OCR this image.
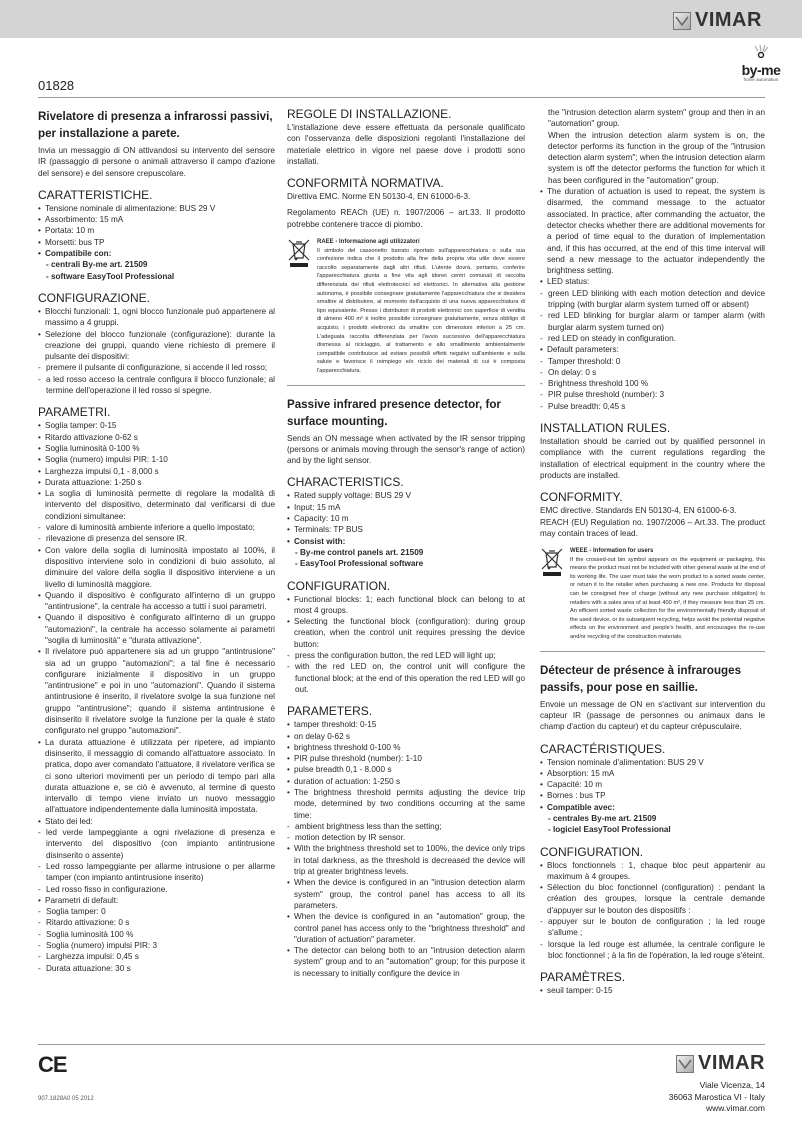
VIMAR
by-me
home automation
01828
Rivelatore di presenza a infrarossi passivi, per installazione a parete.
Invia un messaggio di ON attivandosi su intervento del sensore IR (passaggio di persone o animali attraverso il campo d'azione del sensore) e del sensore crepuscolare.
CARATTERISTICHE.
• Tensione nominale di alimentazione: BUS 29 V
• Assorbimento: 15 mA
• Portata: 10 m
• Morsetti: bus TP
• Compatibile con:
- centrali By-me art. 21509
- software EasyTool Professional
CONFIGURAZIONE.
• Blocchi funzionali: 1, ogni blocco funzionale può appartenere al massimo a 4 gruppi.
• Selezione del blocco funzionale (configurazione): durante la creazione dei gruppi, quando viene richiesto di premere il pulsante dei dispositivi:
- premere il pulsante di configurazione, si accende il led rosso;
- a led rosso acceso la centrale configura il blocco funzionale; al termine dell'operazione il led rosso si spegne.
PARAMETRI.
• Soglia tamper: 0-15
• Ritardo attivazione 0-62 s
• Soglia luminosità 0-100 %
• Soglia (numero) impulsi PIR: 1-10
• Larghezza impulsi 0,1 - 8,000 s
• Durata attuazione: 1-250 s
• La soglia di luminosità permette di regolare la modalità di intervento del dispositivo, determinato dal verificarsi di due condizioni simultanee:
- valore di luminosità ambiente inferiore a quello impostato;
- rilevazione di presenza del sensore IR.
• Con valore della soglia di luminosità impostato al 100%, il dispositivo interviene solo in condizioni di buio assoluto, al diminuire del valore della soglia il dispositivo interviene a un livello di luminosità maggiore.
• Quando il dispositivo è configurato all'interno di un gruppo "antintrusione", la centrale ha accesso a tutti i suoi parametri.
• Quando il dispositivo è configurato all'interno di un gruppo "automazioni", la centrale ha accesso solamente ai parametri "soglia di luminosità" e "durata attivazione".
• Il rivelatore può appartenere sia ad un gruppo "antintrusione" sia ad un gruppo "automazioni"; a tal fine è necessario configurare inizialmente il dispositivo in un gruppo "antintrusione" e poi in uno "automazioni". Quando il sistema antintrusione è inserito, il rivelatore svolge la sua funzione nel gruppo "antintrusione"; quando il sistema antintrusione è disinserito il rivelatore svolge la funzione per la quale è stato configurato nel gruppo "automazioni".
• La durata attuazione è utilizzata per ripetere, ad impianto disinserito, il messaggio di comando all'attuatore associato. In pratica, dopo aver comandato l'attuatore, il rivelatore verifica se ci sono ulteriori movimenti per un periodo di tempo pari alla durata attuazione e, se ciò è avvenuto, al termine di questo intervallo di tempo viene inviato un nuovo messaggio all'attuatore indipendentemente dalla luminosità impostata.
• Stato dei led:
- led verde lampeggiante a ogni rivelazione di presenza e intervento del dispositivo (con impianto antintrusione disinserito o assente)
- Led rosso lampeggiante per allarme intrusione o per allarme tamper (con impianto antintrusione inserito)
- Led rosso fisso in configurazione.
• Parametri di default:
- Soglia tamper: 0
- Ritardo attivazione: 0 s
- Soglia luminosità 100 %
- Soglia (numero) impulsi PIR: 3
- Larghezza impulsi: 0,45 s
- Durata attuazione: 30 s
REGOLE DI INSTALLAZIONE.
L'installazione deve essere effettuata da personale qualificato con l'osservanza delle disposizioni regolanti l'installazione del materiale elettrico in vigore nel paese dove i prodotti sono installati.
CONFORMITÀ NORMATIVA.
Direttiva EMC. Norme EN 50130-4, EN 61000-6-3.
Regolamento REACh (UE) n. 1907/2006 – art.33. Il prodotto potrebbe contenere tracce di piombo.
RAEE - Informazione agli utilizzatori
Il simbolo del cassonetto barrato riportato sull'apparecchiatura o sulla sua confezione indica che il prodotto alla fine della propria vita utile deve essere raccolto separatamente dagli altri rifiuti. L'utente dovrà, pertanto, conferire l'apparecchiatura giunta a fine vita agli idonei centri comunali di raccolta differenziata dei rifiuti elettrotecnici ed elettronici. In alternativa alla gestione autonoma, è possibile consegnare gratuitamente l'apparecchiatura che si desidera smaltire al distributore, al momento dell'acquisto di una nuova apparecchiatura di tipo equivalente. Presso i distributori di prodotti elettronici con superficie di vendita di almeno 400 m² è inoltre possibile consegnare gratuitamente, senza obbligo di acquisto, i prodotti elettronici da smaltire con dimensioni inferiori a 25 cm. L'adeguata raccolta differenziata per l'avvio successivo dell'apparecchiatura dismessa al riciclaggio, al trattamento e allo smaltimento ambientalmente compatibile contribuisce ad evitare possibili effetti negativi sull'ambiente e sulla salute e favorisce il reimpiego e/o riciclo dei materiali di cui è composta l'apparecchiatura.
Passive infrared presence detector, for surface mounting.
Sends an ON message when activated by the IR sensor tripping (persons or animals moving through the sensor's range of action) and by the light sensor.
CHARACTERISTICS.
• Rated supply voltage: BUS 29 V
• Input: 15 mA
• Capacity: 10 m
• Terminals: TP BUS
• Consist with:
- By-me control panels art. 21509
- EasyTool Professional software
CONFIGURATION.
• Functional blocks: 1; each functional block can belong to at most 4 groups.
• Selecting the functional block (configuration): during group creation, when the control unit requires pressing the device button:
- press the configuration button, the red LED will light up;
- with the red LED on, the control unit will configure the functional block; at the end of this operation the red LED will go out.
PARAMETERS.
• tamper threshold: 0-15
• on delay 0-62 s
• brightness threshold 0-100 %
• PIR pulse threshold (number): 1-10
• pulse breadth 0,1 - 8.000 s
• duration of actuation: 1-250 s
• The brightness threshold permits adjusting the device trip mode, determined by two conditions occurring at the same time:
- ambient brightness less than the setting;
- motion detection by IR sensor.
• With the brightness threshold set to 100%, the device only trips in total darkness, as the threshold is decreased the device will trip at greater brightness levels.
• When the device is configured in an "intrusion detection alarm system" group, the control panel has access to all its parameters.
• When the device is configured in an "automation" group, the control panel has access only to the "brightness threshold" and "duration of actuation" parameter.
• The detector can belong both to an "intrusion detection alarm system" group and to an "automation" group; for this purpose it is necessary to initially configure the device in
the "intrusion detection alarm system" group and then in an "automation" group.
When the intrusion detection alarm system is on, the detector performs its function in the group of the "intrusion detection alarm system"; when the intrusion detection alarm system is off the detector performs the function for which it has been configured in the "automation" group.
• The duration of actuation is used to repeat, the system is disarmed, the command message to the actuator associated. In practice, after commanding the actuator, the detector checks whether there are additional movements for a period of time equal to the duration of implementation and, if this has occurred, at the end of this time interval will send a new message to the actuator independently the brightness setting.
• LED status:
- green LED blinking with each motion detection and device tripping (with burglar alarm system turned off or absent)
- red LED blinking for burglar alarm or tamper alarm (with burglar alarm system turned on)
- red LED on steady in configuration.
• Default parameters:
- Tamper threshold: 0
- On delay: 0 s
- Brightness threshold 100 %
- PIR pulse threshold (number): 3
- Pulse breadth: 0,45 s
INSTALLATION RULES.
Installation should be carried out by qualified personnel in compliance with the current regulations regarding the installation of electrical equipment in the country where the products are installed.
CONFORMITY.
EMC directive. Standards EN 50130-4, EN 61000-6-3.
REACH (EU) Regulation no. 1907/2006 – Art.33. The product may contain traces of lead.
WEEE - Information for users
If the crossed-out bin symbol appears on the equipment or packaging, this means the product must not be included with other general waste at the end of its working life. The user must take the worn product to a sorted waste center, or return it to the retailer when purchasing a new one. Products for disposal can be consigned free of charge (without any new purchase obligation) to retailers with a sales area of at least 400 m², if they measure less than 25 cm. An efficient sorted waste collection for the environmentally friendly disposal of the used device, or its subsequent recycling, helps avoid the potential negative effects on the environment and people's health, and encourages the re-use and/or recycling of the construction materials.
Détecteur de présence à infrarouges passifs, pour pose en saillie.
Envoie un message de ON en s'activant sur intervention du capteur IR (passage de personnes ou animaux dans le champ d'action du capteur) et du capteur crépusculaire.
CARACTÉRISTIQUES.
• Tension nominale d'alimentation: BUS 29 V
• Absorption: 15 mA
• Capacité: 10 m
• Bornes : bus TP
• Compatible avec:
- centrales By-me art. 21509
- logiciel EasyTool Professional
CONFIGURATION.
• Blocs fonctionnels : 1, chaque bloc peut appartenir au maximum à 4 groupes.
• Sélection du bloc fonctionnel (configuration) : pendant la création des groupes, lorsque la centrale demande d'appuyer sur le bouton des dispositifs :
- appuyer sur le bouton de configuration ; la led rouge s'allume ;
- lorsque la led rouge est allumée, la centrale configure le bloc fonctionnel ; à la fin de l'opération, la led rouge s'éteint.
PARAMÈTRES.
• seuil tamper: 0-15
CE
907.1828A0 05 2012
VIMAR
Viale Vicenza, 14
36063 Marostica VI - Italy
www.vimar.com
